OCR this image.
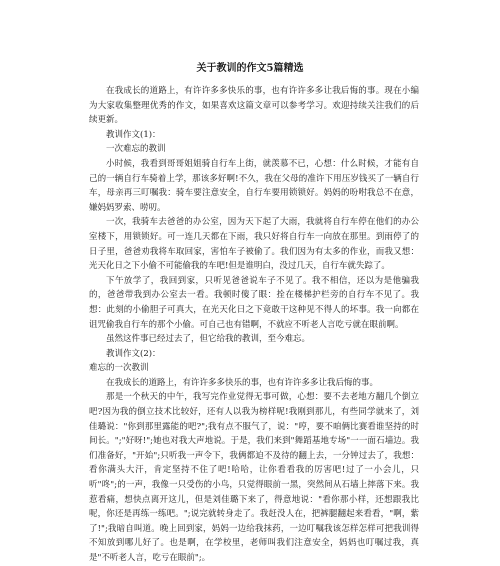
关于教训的作文5篇精选

在我成长的道路上，有许许多多快乐的事，也有许许多多让我后悔的事。现在小编为大家收集整理优秀的作文，如果喜欢这篇文章可以参考学习。欢迎持续关注我们的后续更新。

教训作文(1)：

一次难忘的教训

小时候，我看到哥哥姐姐骑自行车上街，就羡慕不已，心想：什么时候，才能有自己的一辆自行车骑着上学，那该多好啊!不久，我在父母的准许下用压岁钱买了一辆自行车，母亲再三叮嘱我：骑车要注意安全，自行车要用锁锁好。妈妈的吩咐我总不在意，嫌妈妈罗索、唠叨。

一次，我骑车去爸爸的办公室，因为天下起了大雨，我就将自行车停在他们的办公室楼下，用锁锁好。可一连几天都在下雨，我只好将自行车一向放在那里。到雨停了的日子里，爸爸劝我将车取回家，害怕车子被偷了。我们因为有太多的作业，而我又想：光天化日之下小偷不可能偷我的车吧!但是谁明白，没过几天，自行车就失踪了。

下午放学了，我回到家，只听见爸爸说车子不见了。我不相信，还以为是他骗我的，爸爸带我到办公室去一看。我顿时傻了眼：拴在楼梯护栏旁的自行车不见了。我想：此刻的小偷胆子可真大，在光天化日之下竟敢干这种见不得人的坏事。我一向都在诅咒偷我自行车的那个小偷。可自己也有错啊，不就应不听老人言吃亏就在眼前啊。

虽然这件事已经过去了，但它给我的教训，至今难忘。

教训作文(2)：

难忘的一次教训

在我成长的道路上，有许许多多快乐的事，也有许许多多让我后悔的事。

那是一个秋天的中午，我写完作业觉得无事可做，心想：要不去老地方翻几个倒立吧?因为我的倒立技术比较好，还有人以我为榜样呢!我刚到那儿，有些同学就来了，刘佳璐说："你到那里露能的吧?";我有点不服气了，说："哼，要不咱俩比赛看谁坚持的时间长。";"好呀!";她也对我大声地说。于是，我们来到"舞蹈基地专场"一一面石墙边。我们准备好，"开始";只听我一声令下，我俩都迫不及待的翻上去，一分钟过去了，我想：看你满头大汗，肯定坚持不住了吧!哈哈，让你看看我的厉害吧!过了一小会儿，只听"咚";的一声，我像一只受伤的小鸟，只觉得眼前一黑，突然间从石墙上摔落下来。我惹看痛，想快点离开这儿，但是刘佳璐下来了，得意地说："看你那小样，还想跟我比呢，你还是再练一练吧。";说完就转身走了。我赶没人在，把裤腿翻起来看看，"啊，紫了!";我暗自叫道。晚上回到家，妈妈一边给我抹药，一边叮嘱我该怎样怎样可把我训得不知放到哪儿好了。也是啊，在学校里，老师叫我们注意安全，妈妈也叮嘱过我，真是"不听老人言，吃亏在眼前";。
